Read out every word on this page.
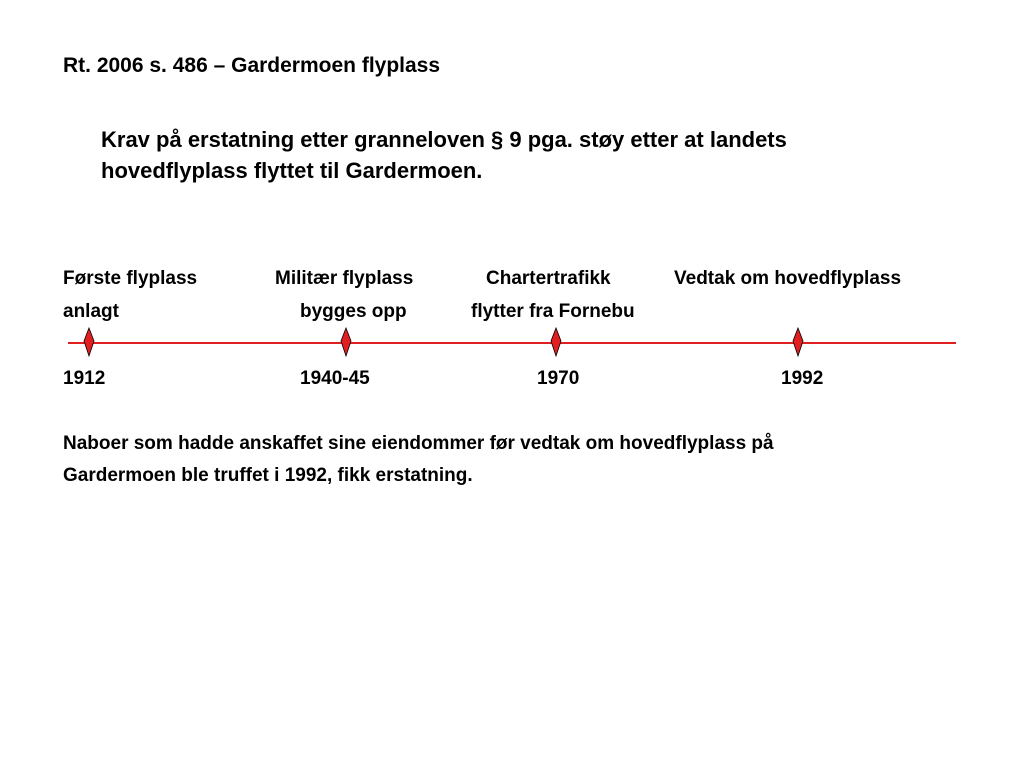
Rt. 2006 s. 486 – Gardermoen flyplass
Krav på erstatning etter granneloven § 9 pga. støy etter at landets
hovedflyplass flyttet til Gardermoen.
Første flyplass	Militær flyplass	Chartertrafikk	Vedtak om hovedflyplass
anlagt	bygges opp	flytter fra Fornebu
1912	1940-45	1970	1992
Naboer som hadde anskaffet sine eiendommer før vedtak om hovedflyplass på
Gardermoen ble truffet i 1992, fikk erstatning.
